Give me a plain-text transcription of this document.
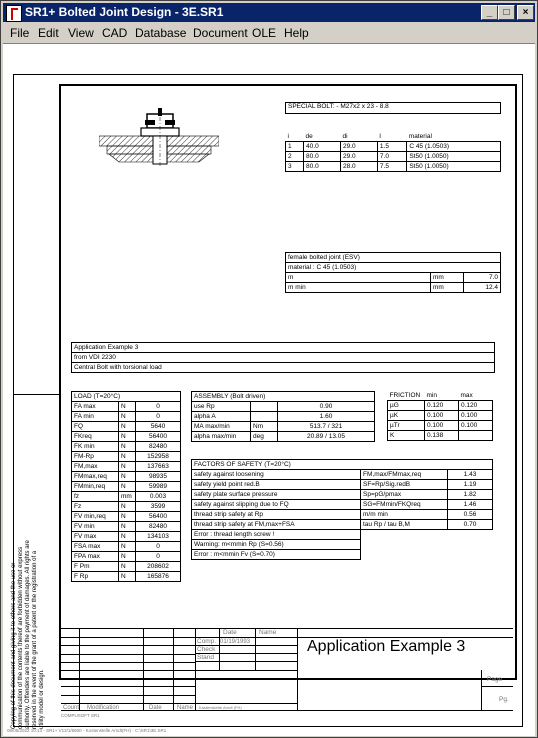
SR1+ Bolted Joint Design - 3E.SR1	_	□	×
File Edit View CAD Database Document OLE Help
Copying of this document and giving it to others and the use or communication of the contents thereof are forbidden without express authority. Offenders are liable to the payment of damages. All rights are reserved in the event of the grant of a patent or the registration of a utility model or design.
SPECIAL BOLT: - M27x2 x 23 - 8.8
i	de	di	l	material
1	40.0	29.0	1.5	C 45 (1.0503)
2	80.0	29.0	7.0	St50 (1.0050)
3	80.0	28.0	7.5	St50 (1.0050)
female bolted joint (ESV)		
material : C 45 (1.0503)		
m	mm	7.0
m min	mm	12.4
Application Example 3
from VDI 2230
Central Bolt with torsional load
LOAD (T=20°C)		
FA max	N	0
FA min	N	0
FQ	N	5640
FKreq	N	56400
FK min	N	82480
FM-Rp	N	152958
FM,max	N	137663
FMmax,req	N	98935
FMmin,req	N	59989
fz	mm	0.003
Fz	N	3599
FV min,req	N	56400
FV min	N	82480
FV max	N	134103
FSA max	N	0
FPA max	N	0
F Pm	N	208602
F Rp	N	165876
ASSEMBLY (Bolt driven)		
use Rp		0.90
alpha A		1.60
MA max/min	Nm	513.7 / 321
alpha max/min	deg	20.89 / 13.05
FRICTION	min	max
µG	0.120	0.120
µK	0.100	0.100
µTr	0.100	0.100
K	0.138	
FACTORS OF SAFETY (T=20°C)		
safety against loosening	FM,max/FMmax,req	1.43
safety yield point red.B	SF=Rp/Sig.redB	1.19
safety plate surface pressure	Sp=pG/pmax	1.82
safety against slipping due to FQ	SG=FMmin/FKQreq	1.46
thread strip safety at Rp	m/m min	0.56
thread strip safety at FM,max+FSA	tau Rp / tau B,M	0.70
Error : thread length screw !		
Warning: m<mmin Rp (S=0.56)		
Error : m<mmin Fv (S=0.70)		
Date	Name
Comp. 01/19/1993
Check
Stand
Application Example 3
Page
Pg.
Count Modification	Date	Name Kastenskette Arndt (FH)
COMPUSOFT SR1
08/05/2022 10:13 - SR1+ V12/1/6600 - Kostenstelle Arndt(FH) - C:\SR1\3E.SR1
